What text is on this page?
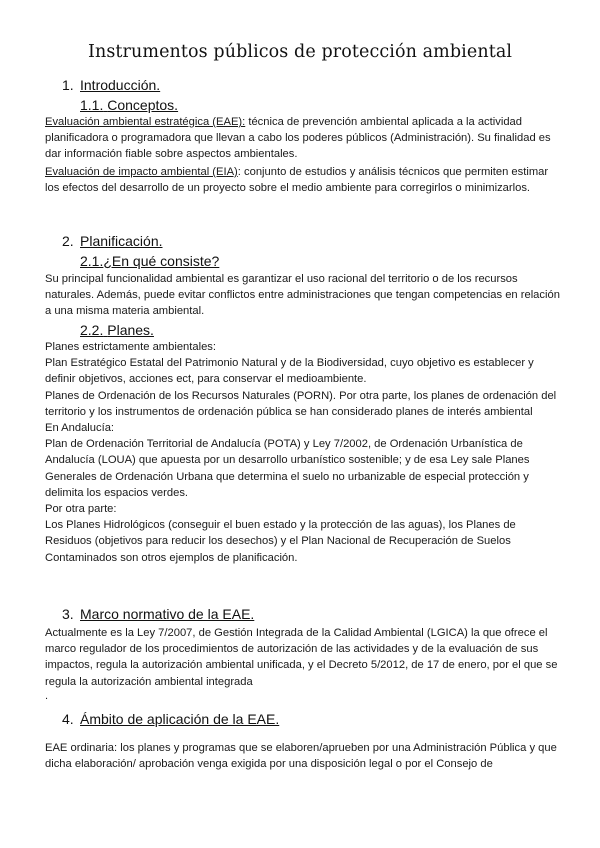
Instrumentos públicos de protección ambiental
1. Introducción.
1.1. Conceptos.

Evaluación ambiental estratégica (EAE): técnica de prevención ambiental aplicada a la actividad planificadora o programadora que llevan a cabo los poderes públicos (Administración). Su finalidad es dar información fiable sobre aspectos ambientales.

Evaluación de impacto ambiental (EIA): conjunto de estudios y análisis técnicos que permiten estimar los efectos del desarrollo de un proyecto sobre el medio ambiente para corregirlos o minimizarlos.

2. Planificación.
2.1.¿En qué consiste?

Su principal funcionalidad ambiental es garantizar el uso racional del territorio o de los recursos naturales. Además, puede evitar conflictos entre administraciones que tengan competencias en relación a una misma materia ambiental.

2.2. Planes.

Planes estrictamente ambientales:
Plan Estratégico Estatal del Patrimonio Natural y de la Biodiversidad, cuyo objetivo es establecer y definir objetivos, acciones ect, para conservar el medioambiente.
Planes de Ordenación de los Recursos Naturales (PORN). Por otra parte, los planes de ordenación del territorio y los instrumentos de ordenación pública se han considerado planes de interés ambiental
En Andalucía:
Plan de Ordenación Territorial de Andalucía (POTA) y Ley 7/2002, de Ordenación Urbanística de Andalucía (LOUA) que apuesta por un desarrollo urbanístico sostenible; y de esa Ley sale Planes Generales de Ordenación Urbana que determina el suelo no urbanizable de especial protección y delimita los espacios verdes.
Por otra parte:
Los Planes Hidrológicos (conseguir el buen estado y la protección de las aguas), los Planes de Residuos (objetivos para reducir los desechos) y el Plan Nacional de Recuperación de Suelos Contaminados son otros ejemplos de planificación.

3. Marco normativo de la EAE.

Actualmente es la Ley 7/2007, de Gestión Integrada de la Calidad Ambiental (LGICA) la que ofrece el marco regulador de los procedimientos de autorización de las actividades y de la evaluación de sus impactos, regula la autorización ambiental unificada, y el Decreto 5/2012, de 17 de enero, por el que se regula la autorización ambiental integrada

.
4. Ámbito de aplicación de la EAE.

EAE ordinaria: los planes y programas que se elaboren/aprueben por una Administración Pública y que dicha elaboración/ aprobación venga exigida por una disposición legal o por el Consejo de
